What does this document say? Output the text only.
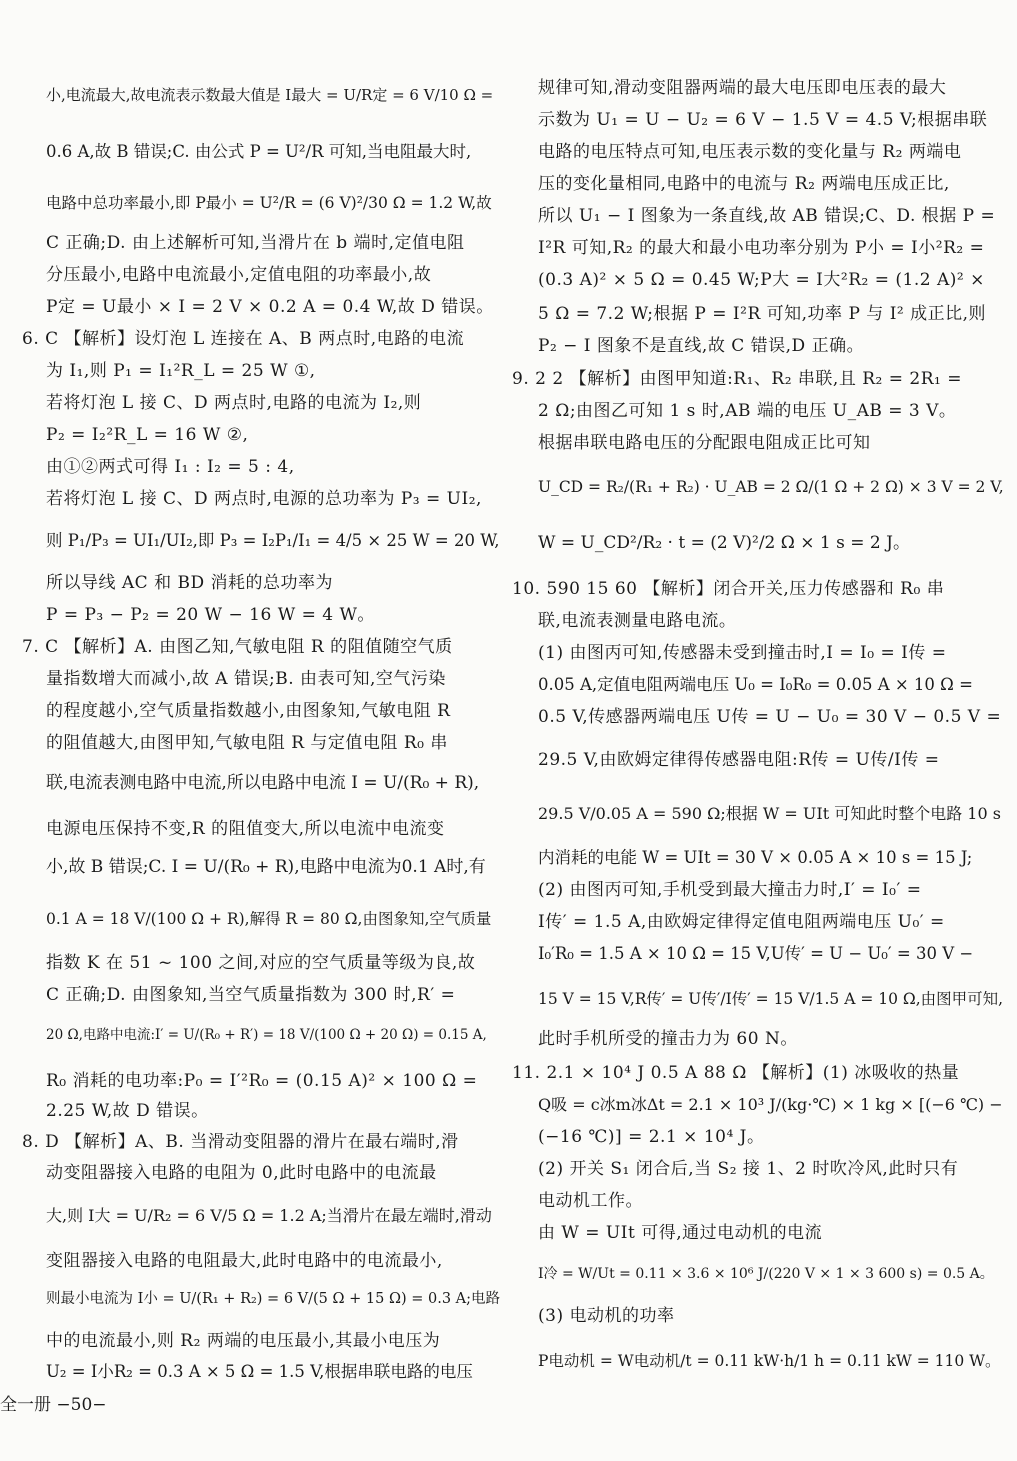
小,电流最大,故电流表示数最大值是 I最大 = U/R定 = 6 V/10 Ω =
0.6 A,故 B 错误;C. 由公式 P = U²/R 可知,当电阻最大时,
电路中总功率最小,即 P最小 = U²/R = (6 V)²/30 Ω = 1.2 W,故
C 正确;D. 由上述解析可知,当滑片在 b 端时,定值电阻
分压最小,电路中电流最小,定值电阻的功率最小,故
P定 = U最小 × I = 2 V × 0.2 A = 0.4 W,故 D 错误。
6. C 【解析】设灯泡 L 连接在 A、B 两点时,电路的电流
为 I₁,则 P₁ = I₁²R_L = 25 W ①,
若将灯泡 L 接 C、D 两点时,电路的电流为 I₂,则
P₂ = I₂²R_L = 16 W ②,
由①②两式可得 I₁ : I₂ = 5 : 4,
若将灯泡 L 接 C、D 两点时,电源的总功率为 P₃ = UI₂,
则 P₁/P₃ = UI₁/UI₂,即 P₃ = I₂P₁/I₁ = 4/5 × 25 W = 20 W,
所以导线 AC 和 BD 消耗的总功率为
P = P₃ − P₂ = 20 W − 16 W = 4 W。
7. C 【解析】A. 由图乙知,气敏电阻 R 的阻值随空气质
量指数增大而减小,故 A 错误;B. 由表可知,空气污染
的程度越小,空气质量指数越小,由图象知,气敏电阻 R
的阻值越大,由图甲知,气敏电阻 R 与定值电阻 R₀ 串
联,电流表测电路中电流,所以电路中电流 I = U/(R₀ + R),
电源电压保持不变,R 的阻值变大,所以电流中电流变
小,故 B 错误;C. I = U/(R₀ + R),电路中电流为0.1 A时,有
0.1 A = 18 V/(100 Ω + R),解得 R = 80 Ω,由图象知,空气质量
指数 K 在 51 ~ 100 之间,对应的空气质量等级为良,故
C 正确;D. 由图象知,当空气质量指数为 300 时,R′ =
20 Ω,电路中电流:I′ = U/(R₀ + R′) = 18 V/(100 Ω + 20 Ω) = 0.15 A,
R₀ 消耗的电功率:P₀ = I′²R₀ = (0.15 A)² × 100 Ω =
2.25 W,故 D 错误。
8. D 【解析】A、B. 当滑动变阻器的滑片在最右端时,滑
动变阻器接入电路的电阻为 0,此时电路中的电流最
大,则 I大 = U/R₂ = 6 V/5 Ω = 1.2 A;当滑片在最左端时,滑动
变阻器接入电路的电阻最大,此时电路中的电流最小,
则最小电流为 I小 = U/(R₁ + R₂) = 6 V/(5 Ω + 15 Ω) = 0.3 A;电路
中的电流最小,则 R₂ 两端的电压最小,其最小电压为
U₂ = I小R₂ = 0.3 A × 5 Ω = 1.5 V,根据串联电路的电压
规律可知,滑动变阻器两端的最大电压即电压表的最大
示数为 U₁ = U − U₂ = 6 V − 1.5 V = 4.5 V;根据串联
电路的电压特点可知,电压表示数的变化量与 R₂ 两端电
压的变化量相同,电路中的电流与 R₂ 两端电压成正比,
所以 U₁ − I 图象为一条直线,故 AB 错误;C、D. 根据 P =
I²R 可知,R₂ 的最大和最小电功率分别为 P小 = I小²R₂ =
(0.3 A)² × 5 Ω = 0.45 W;P大 = I大²R₂ = (1.2 A)² ×
5 Ω = 7.2 W;根据 P = I²R 可知,功率 P 与 I² 成正比,则
P₂ − I 图象不是直线,故 C 错误,D 正确。
9. 2 2 【解析】由图甲知道:R₁、R₂ 串联,且 R₂ = 2R₁ =
2 Ω;由图乙可知 1 s 时,AB 端的电压 U_AB = 3 V。
根据串联电路电压的分配跟电阻成正比可知
U_CD = R₂/(R₁ + R₂) · U_AB = 2 Ω/(1 Ω + 2 Ω) × 3 V = 2 V,
W = U_CD²/R₂ · t = (2 V)²/2 Ω × 1 s = 2 J。
10. 590 15 60 【解析】闭合开关,压力传感器和 R₀ 串
联,电流表测量电路电流。
(1) 由图丙可知,传感器未受到撞击时,I = I₀ = I传 =
0.05 A,定值电阻两端电压 U₀ = I₀R₀ = 0.05 A × 10 Ω =
0.5 V,传感器两端电压 U传 = U − U₀ = 30 V − 0.5 V =
29.5 V,由欧姆定律得传感器电阻:R传 = U传/I传 =
29.5 V/0.05 A = 590 Ω;根据 W = UIt 可知此时整个电路 10 s
内消耗的电能 W = UIt = 30 V × 0.05 A × 10 s = 15 J;
(2) 由图丙可知,手机受到最大撞击力时,I′ = I₀′ =
I传′ = 1.5 A,由欧姆定律得定值电阻两端电压 U₀′ =
I₀′R₀ = 1.5 A × 10 Ω = 15 V,U传′ = U − U₀′ = 30 V −
15 V = 15 V,R传′ = U传′/I传′ = 15 V/1.5 A = 10 Ω,由图甲可知,
此时手机所受的撞击力为 60 N。
11. 2.1 × 10⁴ J 0.5 A 88 Ω 【解析】(1) 冰吸收的热量
Q吸 = c冰m冰Δt = 2.1 × 10³ J/(kg·℃) × 1 kg × [(−6 ℃) −
(−16 ℃)] = 2.1 × 10⁴ J。
(2) 开关 S₁ 闭合后,当 S₂ 接 1、2 时吹冷风,此时只有
电动机工作。
由 W = UIt 可得,通过电动机的电流
I冷 = W/Ut = 0.11 × 3.6 × 10⁶ J/(220 V × 1 × 3 600 s) = 0.5 A。
(3) 电动机的功率
P电动机 = W电动机/t = 0.11 kW·h/1 h = 0.11 kW = 110 W。
全一册 −50−
